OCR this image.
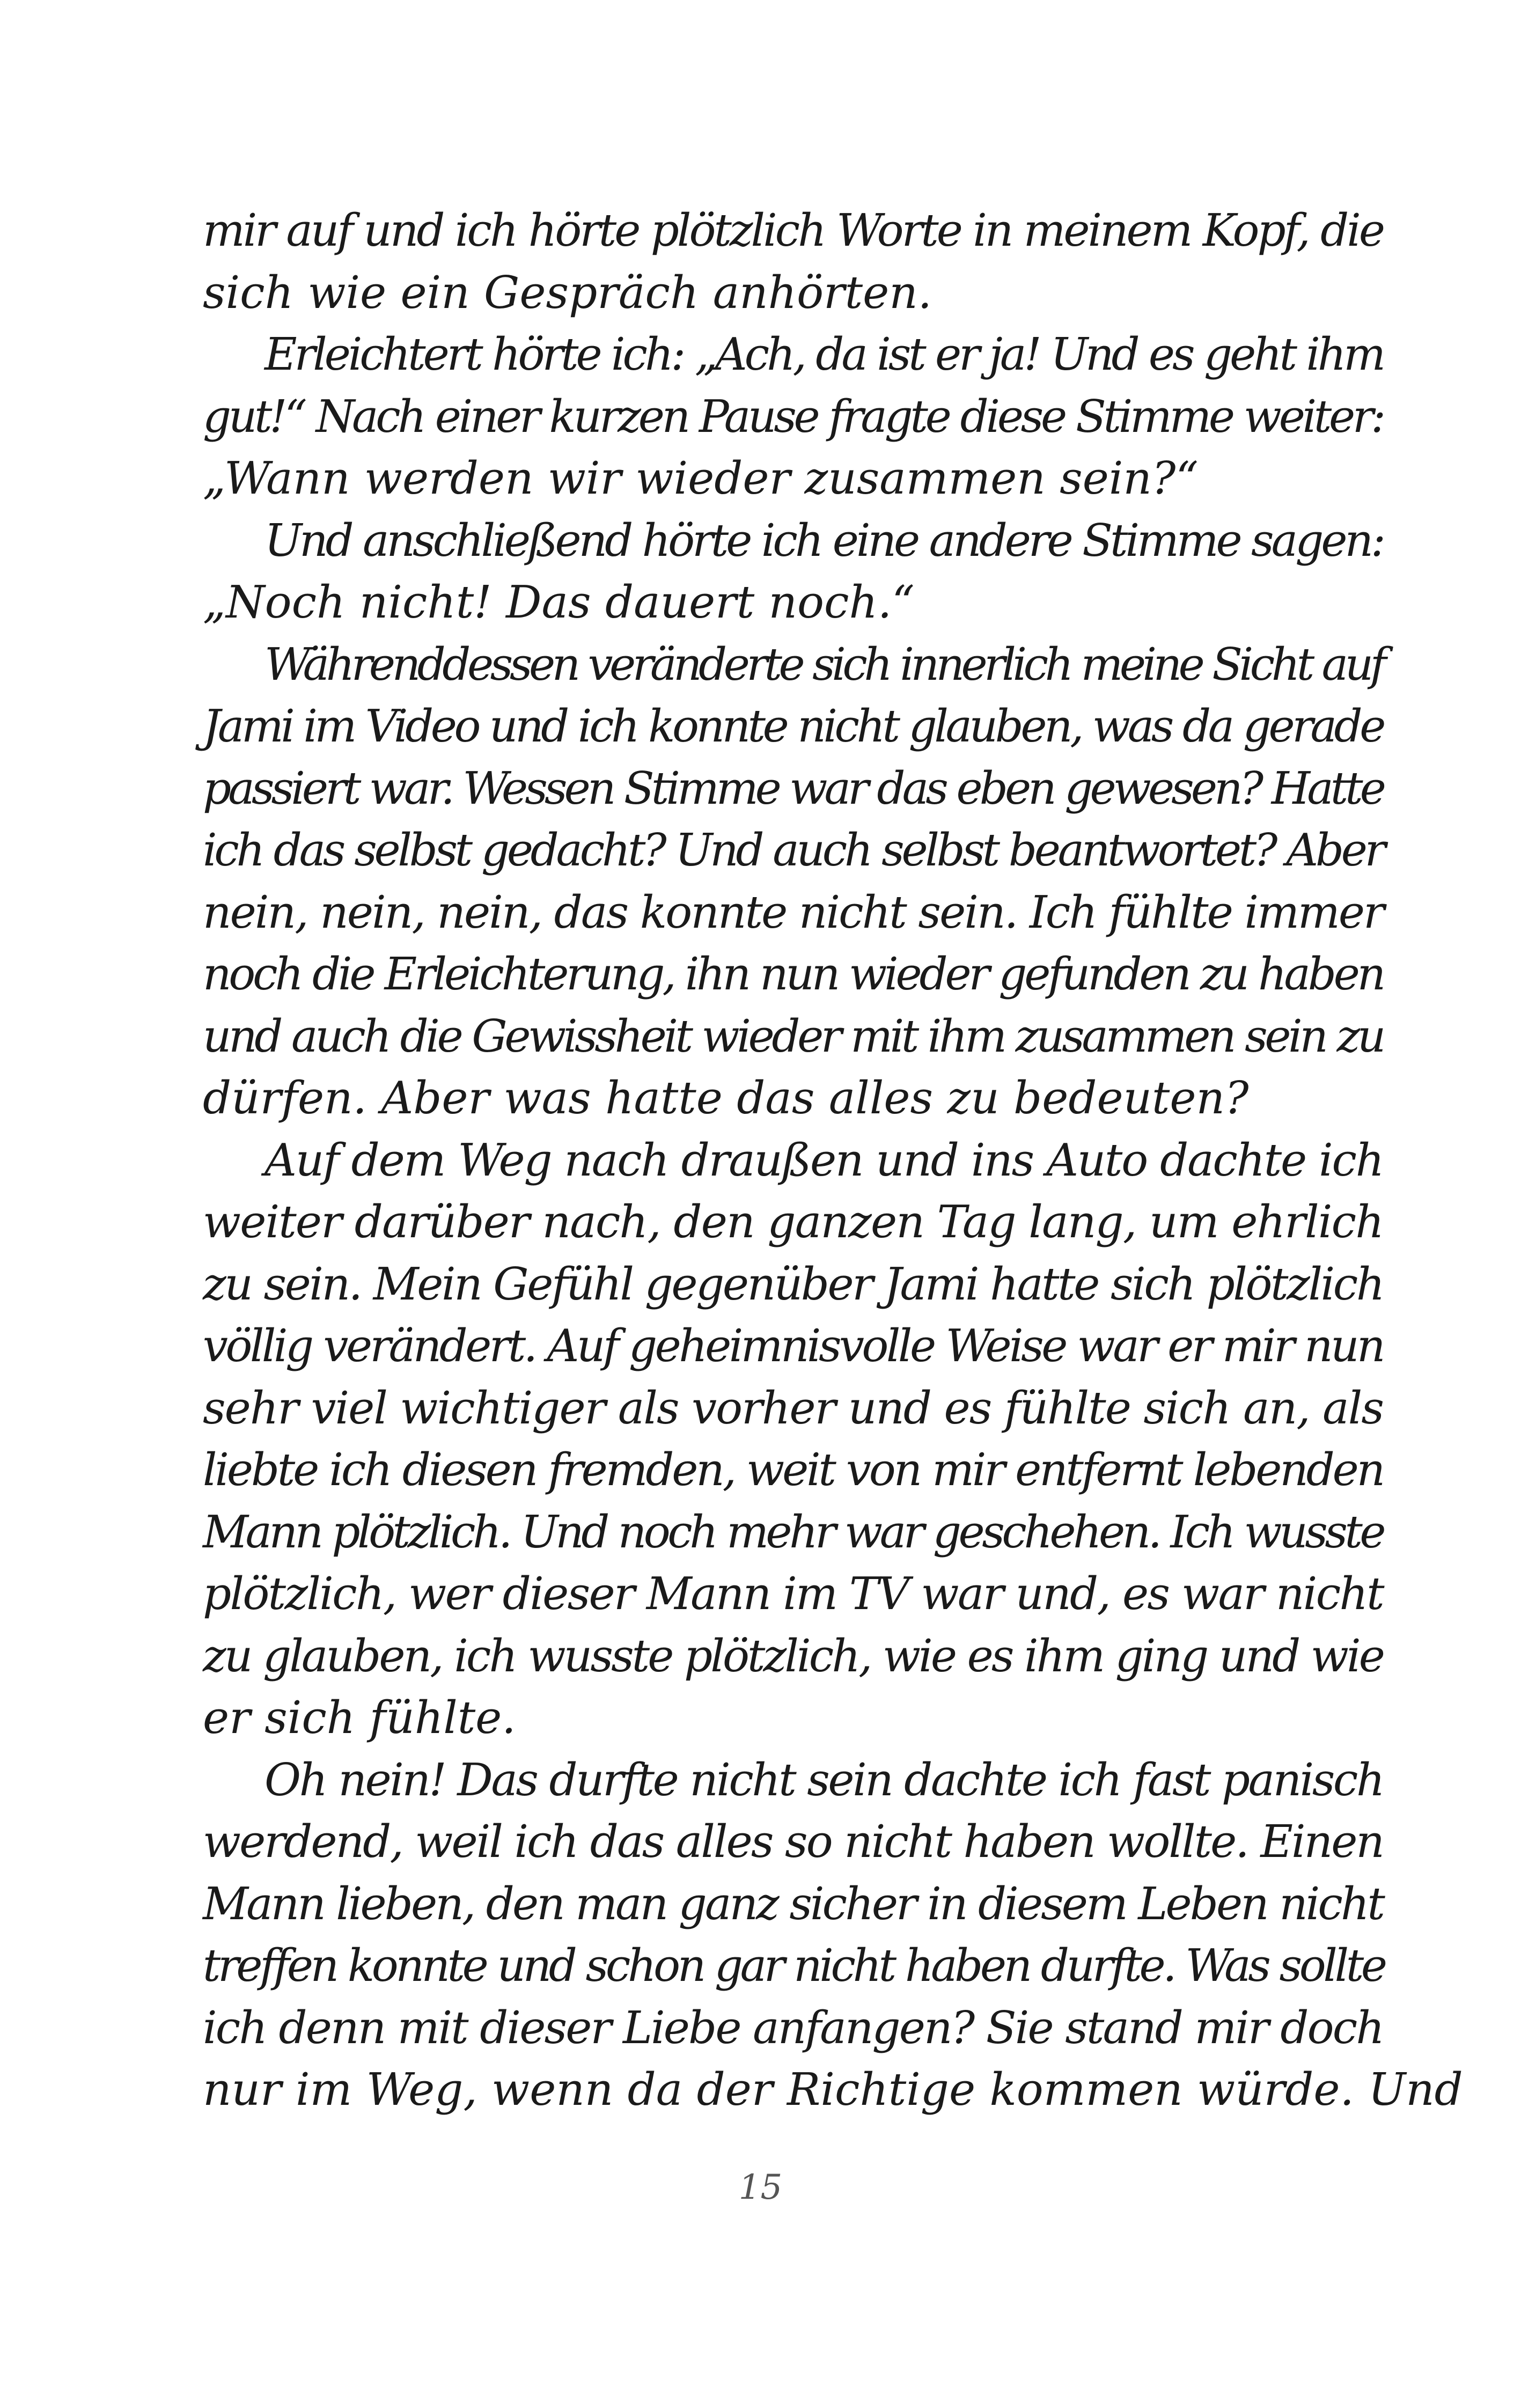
mir auf und ich hörte plötzlich Worte in meinem Kopf, die
sich wie ein Gespräch anhörten.
Erleichtert hörte ich: „Ach, da ist er ja! Und es geht ihm
gut!“ Nach einer kurzen Pause fragte diese Stimme weiter:
„Wann werden wir wieder zusammen sein?“
Und anschließend hörte ich eine andere Stimme sagen:
„Noch nicht! Das dauert noch.“
Währenddessen veränderte sich innerlich meine Sicht auf
Jami im Video und ich konnte nicht glauben, was da gerade
passiert war. Wessen Stimme war das eben gewesen? Hatte
ich das selbst gedacht? Und auch selbst beantwortet? Aber
nein, nein, nein, das konnte nicht sein. Ich fühlte immer
noch die Erleichterung, ihn nun wieder gefunden zu haben
und auch die Gewissheit wieder mit ihm zusammen sein zu
dürfen. Aber was hatte das alles zu bedeuten?
Auf dem Weg nach draußen und ins Auto dachte ich
weiter darüber nach, den ganzen Tag lang, um ehrlich
zu sein. Mein Gefühl gegenüber Jami hatte sich plötzlich
völlig verändert. Auf geheimnisvolle Weise war er mir nun
sehr viel wichtiger als vorher und es fühlte sich an, als
liebte ich diesen fremden, weit von mir entfernt lebenden
Mann plötzlich. Und noch mehr war geschehen. Ich wusste
plötzlich, wer dieser Mann im TV war und, es war nicht
zu glauben, ich wusste plötzlich, wie es ihm ging und wie
er sich fühlte.
Oh nein! Das durfte nicht sein dachte ich fast panisch
werdend, weil ich das alles so nicht haben wollte. Einen
Mann lieben, den man ganz sicher in diesem Leben nicht
treffen konnte und schon gar nicht haben durfte. Was sollte
ich denn mit dieser Liebe anfangen? Sie stand mir doch
nur im Weg, wenn da der Richtige kommen würde. Und
15
